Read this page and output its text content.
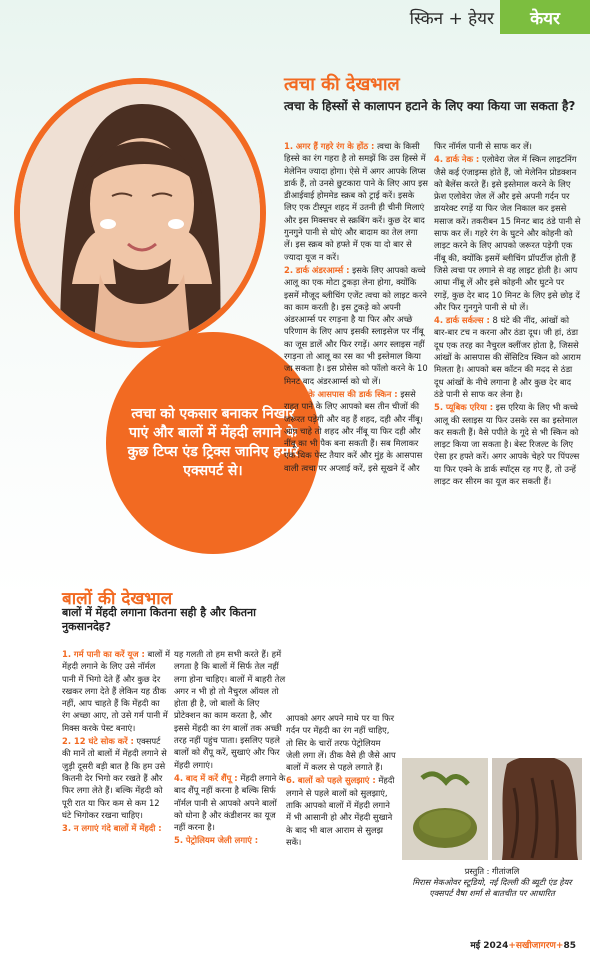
स्किन + हेयर केयर
त्वचा को एकसार बनाकर निखार पाएं और बालों में मेंहदी लगाने के कुछ टिप्स एंड ट्रिक्स जानिए हमारे एक्सपर्ट से।
त्वचा की देखभाल
त्वचा के हिस्सों से कालापन हटाने के लिए क्या किया जा सकता है?

1. अगर हैं गहरे रंग के होंठ : त्वचा के किसी हिस्से का रंग गहरा है तो समझें कि उस हिस्से में मेलेनिन ज्यादा होगा। ऐसे में अगर आपके लिप्स डार्क हैं, तो उनसे छुटकारा पाने के लिए आप इस डीआईवाई होममेड स्क्रब को ट्राई करें। इसके लिए एक टीस्पून शहद में उतनी ही चीनी मिलाएं और इस मिक्सचर से स्क्रबिंग करें। कुछ देर बाद गुनगुने पानी से धोएं और बादाम का तेल लगा लें। इस स्क्रब को हफ्ते में एक या दो बार से ज्यादा यूज न करें।

2. डार्क अंडरआर्म्स : इसके लिए आपको कच्चे आलू का एक मोटा टुकड़ा लेना होगा, क्योंकि इसमें मौजूद ब्लीचिंग एजेंट त्वचा को लाइट करने का काम करती है। इस टुकड़े को अपनी अंडरआर्म्स पर रगड़ना है या फिर और अच्छे परिणाम के लिए आप इसकी स्लाइसेज पर नींबू का जूस डालें और फिर रगड़ें। अगर स्लाइस नहीं रगड़ना तो आलू का रस का भी इस्तेमाल किया जा सकता है। इस प्रोसेस को फॉलो करने के 10 मिनट बाद अंडरआर्म्स को धो लें।

3. मुंह के आसपास की डार्क स्किन : इससे राहत पाने के लिए आपको बस तीन चीजों की जरूरत पड़ेगी और वह हैं शहद, दही और नींबू। आप चाहे तो शहद और नींबू या फिर दही और नींबू का भी पैक बना सकती हैं। सब मिलाकर एक थिक पेस्ट तैयार करें और मुंह के आसपास वाली त्वचा पर अप्लाई करें, इसे सूखने दें और

फिर नॉर्मल पानी से साफ कर लें।

4. डार्क नेक : एलोवेरा जेल में स्किन लाइटनिंग जैसे कई एंजाइम्स होते हैं, जो मेलेनिन प्रोडक्शन को बैलेंस करते हैं। इसे इस्तेमाल करने के लिए फ्रेश एलोवेरा जेल लें और इसे अपनी गर्दन पर डायरेक्ट रगड़ें या फिर जेल निकाल कर इससे मसाज करें। तकरीबन 15 मिनट बाद ठंडे पानी से साफ कर लें। गहरे रंग के घुटने और कोहनी को लाइट करने के लिए आपको जरूरत पड़ेगी एक नींबू की, क्योंकि इसमें ब्लीचिंग प्रॉपर्टीज होती हैं जिसे त्वचा पर लगाने से वह लाइट होती है। आप आधा नींबू लें और इसे कोहनी और घुटने पर रगड़ें, कुछ देर बाद 10 मिनट के लिए इसे छोड़ दें और फिर गुनगुने पानी से धो लें।

4. डार्क सर्कल्स : 8 घंटे की नींद, आंखों को बार-बार टच न करना और ठंडा दूध। जी हां, ठंडा दूध एक तरह का नैचुरल क्लींजर होता है, जिससे आंखों के आसपास की सेंसिटिव स्किन को आराम मिलता है। आपको बस कॉटन की मदद से ठंडा दूध आंखों के नीचे लगाना है और कुछ देर बाद ठंडे पानी से साफ कर लेना है।

5. प्यूबिक एरिया : इस एरिया के लिए भी कच्चे आलू की स्लाइस या फिर उसके रस का इस्तेमाल कर सकती हैं। वैसे पपीते के गूदे से भी स्किन को लाइट किया जा सकता है। बेस्ट रिजल्ट के लिए ऐसा हर हफ्ते करें। अगर आपके चेहरे पर पिंपल्स या फिर एक्ने के डार्क स्पॉट्स रह गए हैं, तो उन्हें लाइट कर सीरम का यूज कर सकती हैं।

बालों की देखभाल
बालों में मेंहदी लगाना कितना सही है और कितना नुकसानदेह?

1. गर्म पानी का करें यूज : बालों में मेंहदी लगाने के लिए उसे नॉर्मल पानी में भिगो देते हैं और कुछ देर रखकर लगा देते हैं लेकिन यह ठीक नहीं, आप चाहते हैं कि मेंहदी का रंग अच्छा आए, तो उसे गर्म पानी में मिक्स करके पेस्ट बनाएं।

2. 12 घंटे सोक करें : एक्सपर्ट की मानें तो बालों में मेंहदी लगाने से जुड़ी दूसरी बड़ी बात है कि हम उसे कितनी देर भिगो कर रखते हैं और फिर लगा लेते हैं। बल्कि मेंहदी को पूरी रात या फिर कम से कम 12 घंटे भिगोकर रखना चाहिए।

3. न लगाएं गंदे बालों में मेंहदी :

यह गलती तो हम सभी करते हैं। हमें लगता है कि बालों में सिर्फ तेल नहीं लगा होना चाहिए। बालों में बाहरी तेल अगर न भी हो तो नैचुरल ऑयल तो होता ही है, जो बालों के लिए प्रोटेक्शन का काम करता है, और इससे मेंहदी का रंग बालों तक अच्छी तरह नहीं पहुंच पाता। इसलिए पहले बालों को शैंपू करें, सुखाएं और फिर मेंहदी लगाएं।

4. बाद में करें शैंपू : मेंहदी लगाने के बाद शैंपू नहीं करना है बल्कि सिर्फ नॉर्मल पानी से आपको अपने बालों को धोना है और कंडीशनर का यूज नहीं करना है।

5. पेट्रोलियम जेली लगाएं :

आपको अगर अपने माथे पर या फिर गर्दन पर मेंहदी का रंग नहीं चाहिए, तो सिर के चारों तरफ पेट्रोलियम जेली लगा लें। ठीक वैसे ही जैसे आप बालों में कलर से पहले लगाते हैं।

6. बालों को पहले सुलझाएं : मेंहदी लगाने से पहले बालों को सुलझाएं, ताकि आपको बालों में मेंहदी लगाने में भी आसानी हो और मेंहदी सुखाने के बाद भी बाल आराम से सुलझ सकें।

प्रस्तुति : गीतांजलि
मिरास मेकओवर स्टूडियो, नई दिल्ली की ब्यूटी एंड हेयर एक्सपर्ट वैषा शर्मा से बातचीत पर आधारित
मई 2024+सखीजागरण+85
